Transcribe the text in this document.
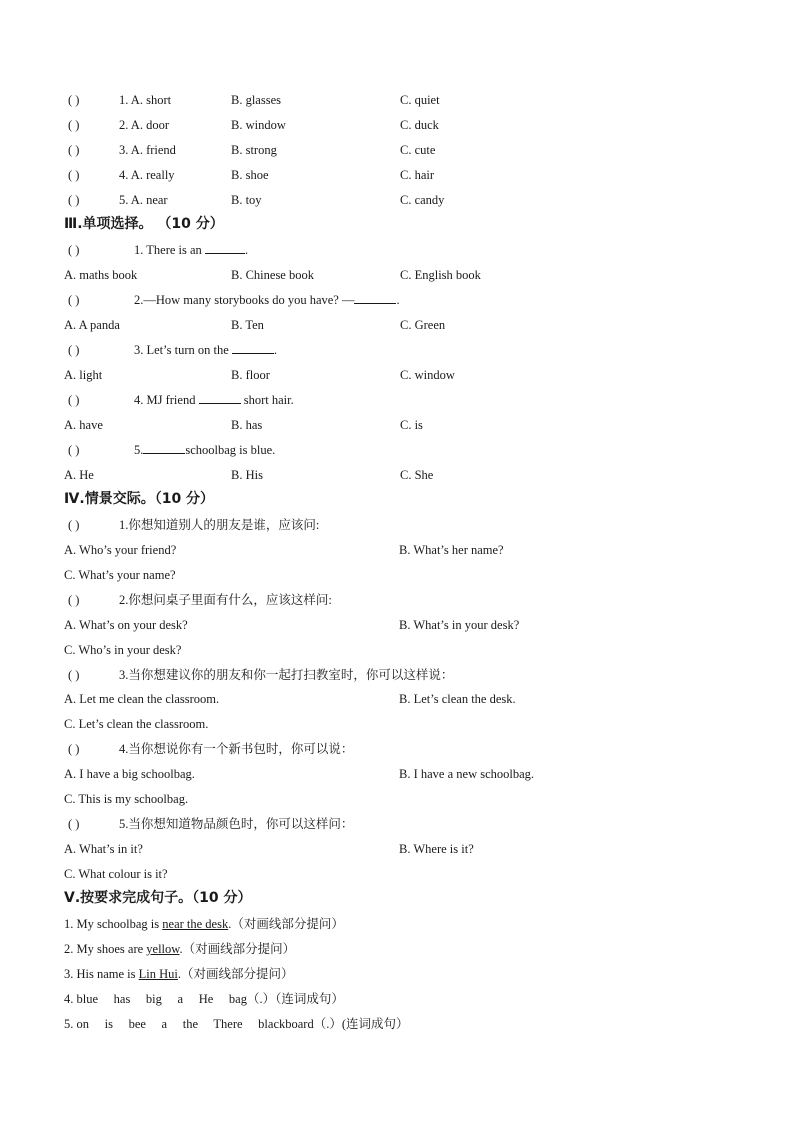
( )	1. A. short	B. glasses	C. quiet
( )	2. A. door	B. window	C. duck
( )	3. A. friend	B. strong	C. cute
( )	4. A. really	B. shoe	C. hair
( )	5. A. near	B. toy	C. candy
Ⅲ.单项选择。 （10 分）
( )	1. There is an	.
A. maths book	B. Chinese book	C. English book
( )	2.—How many storybooks do you have? —	.
A. A panda	B. Ten	C. Green
( )	3. Let’s turn on the	.
A. light	B. floor	C. window
( )	4. MJ friend	short hair.
A. have	B. has	C. is
( )	5.	schoolbag is blue.
A. He	B. His	C. She
Ⅳ.情景交际。（10 分）
( )	1.你想知道别人的朋友是谁，应该问:
A. Who’s your friend?	B. What’s her name?
C. What’s your name?
( )	2.你想问桌子里面有什么，应该这样问:
A. What’s on your desk?	B. What’s in your desk?
C. Who’s in your desk?
( )	3.当你想建议你的朋友和你一起打扫教室时，你可以这样说：
A. Let me clean the classroom.	B. Let’s clean the desk.
C. Let’s clean the classroom.
( )	4.当你想说你有一个新书包时，你可以说：
A. I have a big schoolbag.	B. I have a new schoolbag.
C. This is my schoolbag.
( )	5.当你想知道物品颜色时，你可以这样问：
A. What’s in it?	B. Where is it?
C. What colour is it?
Ⅴ.按要求完成句子。（10 分）
1. My schoolbag is near the desk.（对画线部分提问）
2. My shoes are yellow.（对画线部分提问）
3. His name is Lin Hui.（对画线部分提问）
4. blue     has     big     a     He     bag（.）（连词成句）
5. on     is     bee     a     the     There     blackboard（.）(连词成句）
